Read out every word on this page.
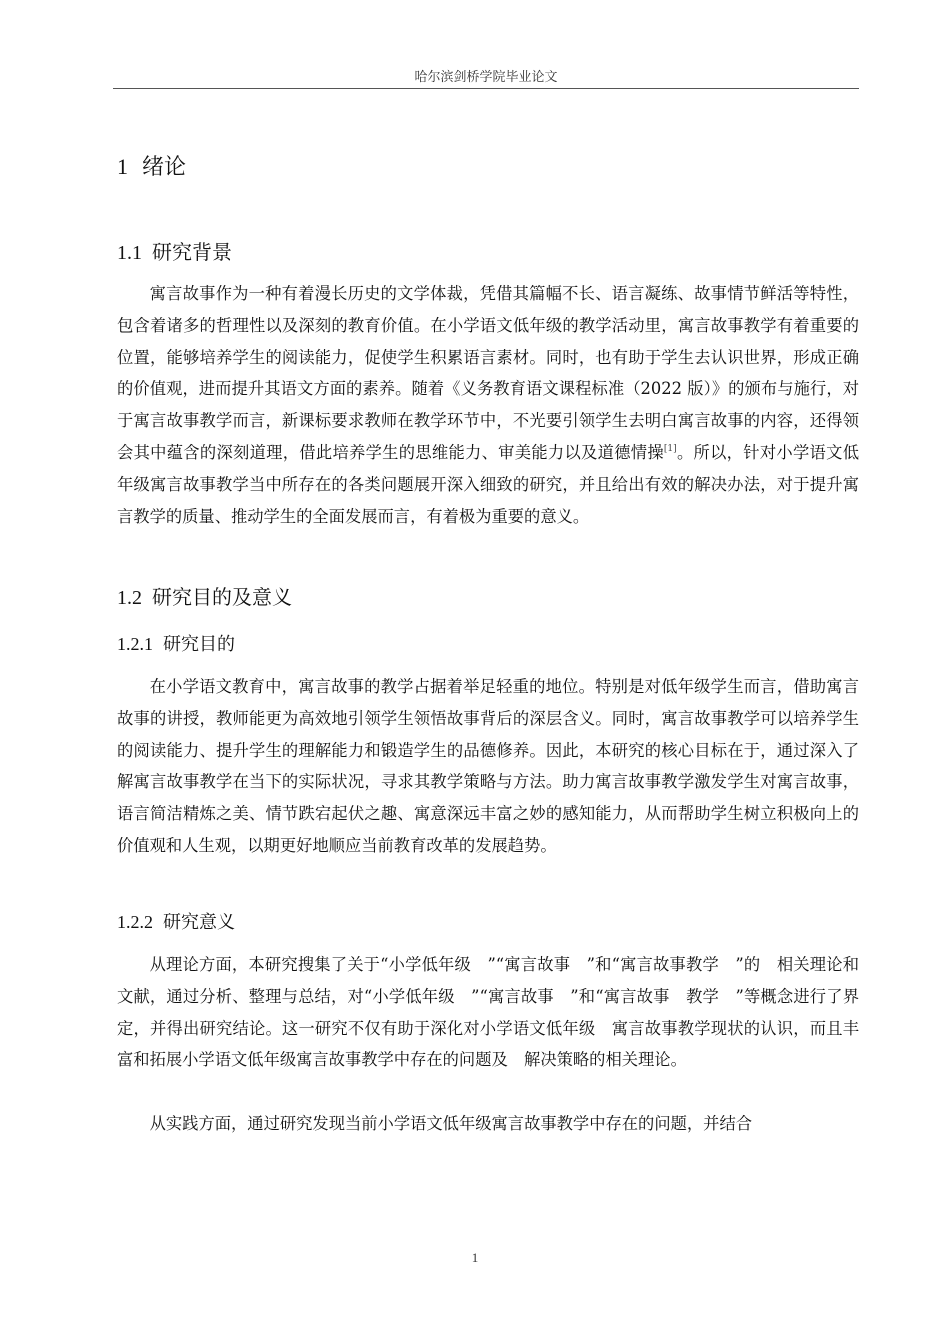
哈尔滨剑桥学院毕业论文
1 绪论
1.1 研究背景
寓言故事作为一种有着漫长历史的文学体裁，凭借其篇幅不长、语言凝练、故事情节鲜活等特性，包含着诸多的哲理性以及深刻的教育价值。在小学语文低年级的教学活动里，寓言故事教学有着重要的位置，能够培养学生的阅读能力，促使学生积累语言素材。同时，也有助于学生去认识世界，形成正确的价值观，进而提升其语文方面的素养。随着《义务教育语文课程标准（2022 版）》的颁布与施行，对于寓言故事教学而言，新课标要求教师在教学环节中，不光要引领学生去明白寓言故事的内容，还得领会其中蕴含的深刻道理，借此培养学生的思维能力、审美能力以及道德情操[1]。所以，针对小学语文低年级寓言故事教学当中所存在的各类问题展开深入细致的研究，并且给出有效的解决办法，对于提升寓言教学的质量、推动学生的全面发展而言，有着极为重要的意义。
1.2 研究目的及意义
1.2.1 研究目的
在小学语文教育中，寓言故事的教学占据着举足轻重的地位。特别是对低年级学生而言，借助寓言故事的讲授，教师能更为高效地引领学生领悟故事背后的深层含义。同时，寓言故事教学可以培养学生的阅读能力、提升学生的理解能力和锻造学生的品德修养。因此，本研究的核心目标在于，通过深入了解寓言故事教学在当下的实际状况，寻求其教学策略与方法。助力寓言故事教学激发学生对寓言故事，语言简洁精炼之美、情节跌宕起伏之趣、寓意深远丰富之妙的感知能力，从而帮助学生树立积极向上的价值观和人生观，以期更好地顺应当前教育改革的发展趋势。
1.2.2 研究意义
从理论方面，本研究搜集了关于“小学低年级　”“寓言故事　”和“寓言故事教学　”的　相关理论和文献，通过分析、整理与总结，对“小学低年级　”“寓言故事　”和“寓言故事　教学　”等概念进行了界定，并得出研究结论。这一研究不仅有助于深化对小学语文低年级　寓言故事教学现状的认识，而且丰富和拓展小学语文低年级寓言故事教学中存在的问题及　解决策略的相关理论。
从实践方面，通过研究发现当前小学语文低年级寓言故事教学中存在的问题，并结合
1
